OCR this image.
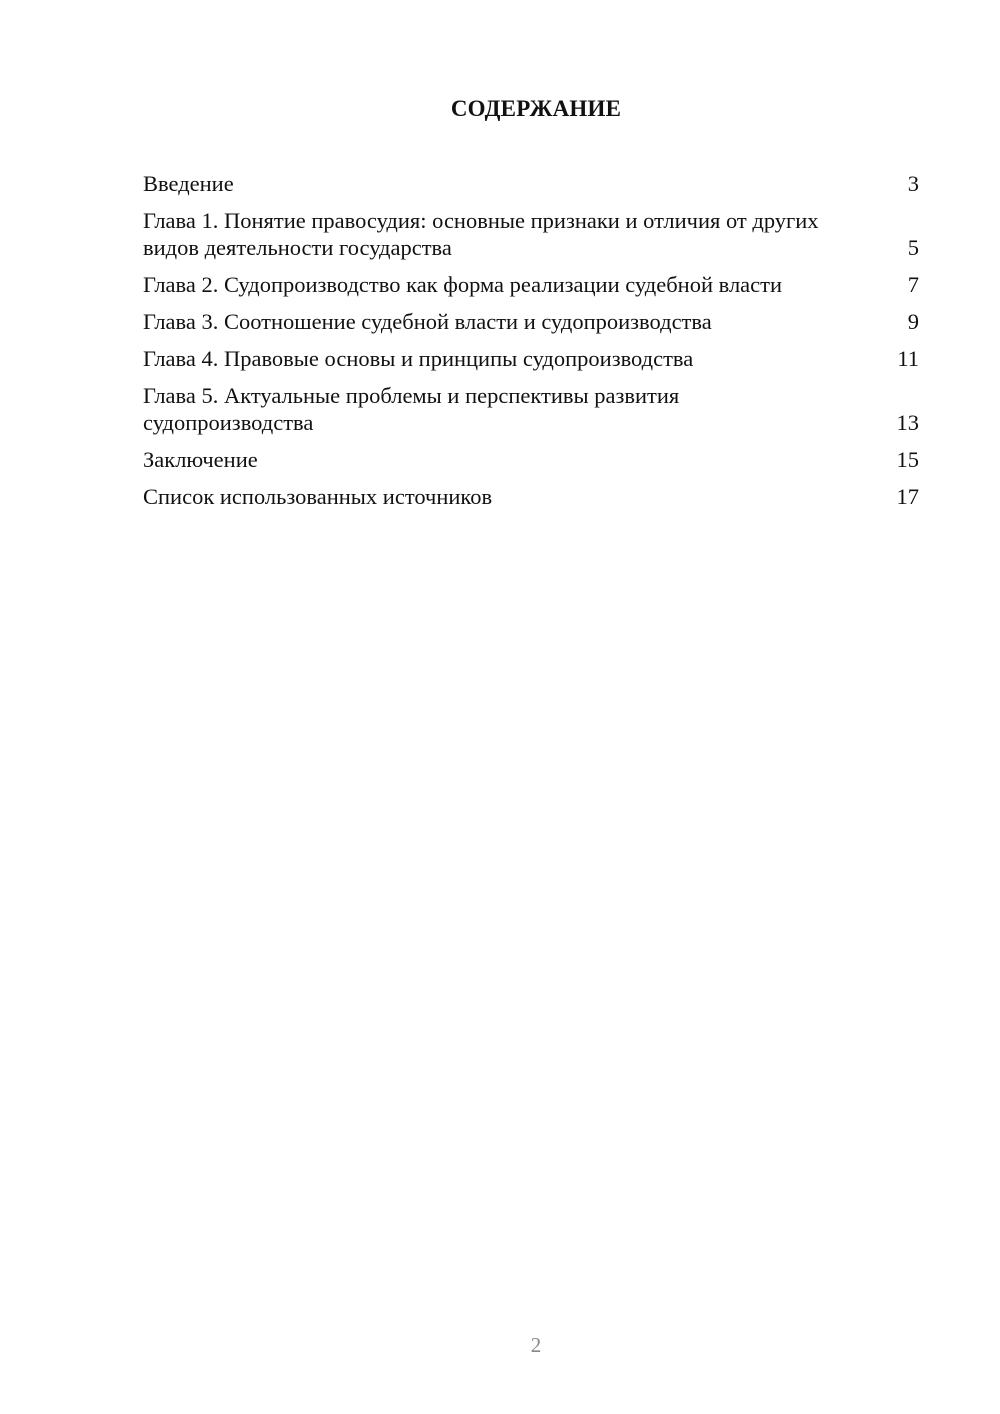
СОДЕРЖАНИЕ
Введение	3
Глава 1. Понятие правосудия: основные признаки и отличия от других видов деятельности государства	5
Глава 2. Судопроизводство как форма реализации судебной власти	7
Глава 3. Соотношение судебной власти и судопроизводства	9
Глава 4. Правовые основы и принципы судопроизводства	11
Глава 5. Актуальные проблемы и перспективы развития судопроизводства	13
Заключение	15
Список использованных источников	17
2
